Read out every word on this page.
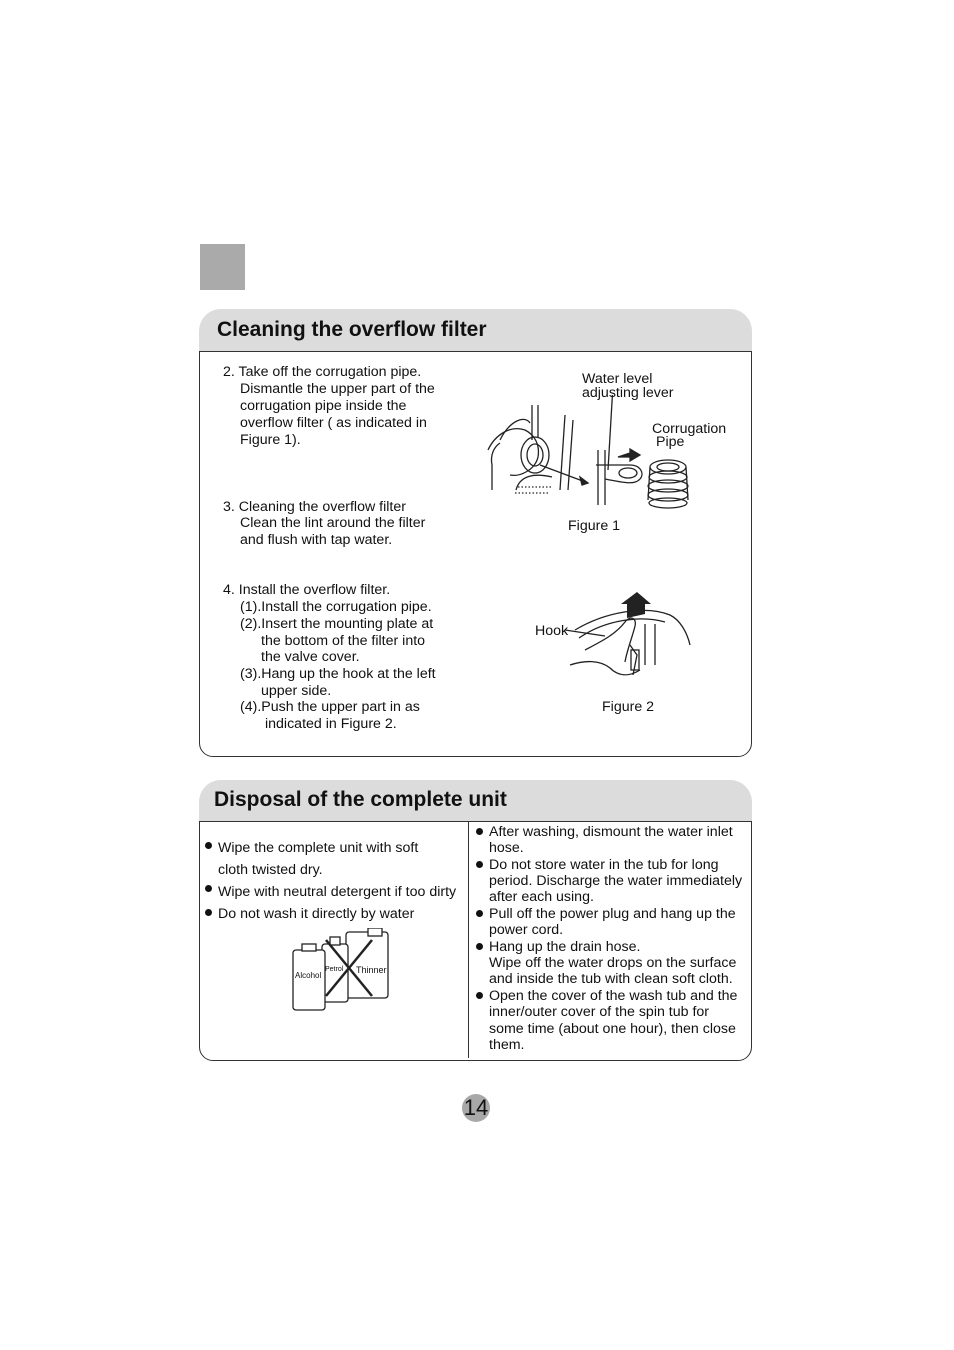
Cleaning the overflow filter
2. Take off the corrugation pipe.
Dismantle the upper part of the
corrugation pipe inside the
overflow filter ( as indicated in
Figure 1).
3. Cleaning the overflow filter
Clean the lint around the filter
and flush with tap water.
4. Install the overflow filter.
(1).Install the corrugation pipe.
(2).Insert the mounting plate at
the bottom of the filter into
the valve cover.
(3).Hang up the hook at the left
upper side.
(4).Push the upper part in as
indicated in Figure 2.
Water level
adjusting lever
Corrugation
Pipe
Figure 1
Hook
Figure 2
Disposal of the complete unit
Wipe the complete unit with soft
cloth twisted dry.
Wipe with neutral detergent if too dirty
Do not wash it directly by water
Alcohol
Petrol Thinner
After washing, dismount the water inlet
hose.
Do not store water in the tub for long
period. Discharge the water immediately
after each using.
Pull off the power plug and hang up the
power cord.
Hang up the drain hose.
Wipe off the water drops on the surface
and inside the tub with clean soft cloth.
Open the cover of the wash tub and the
inner/outer cover of the spin tub for
some time (about one hour), then close
them.
14
